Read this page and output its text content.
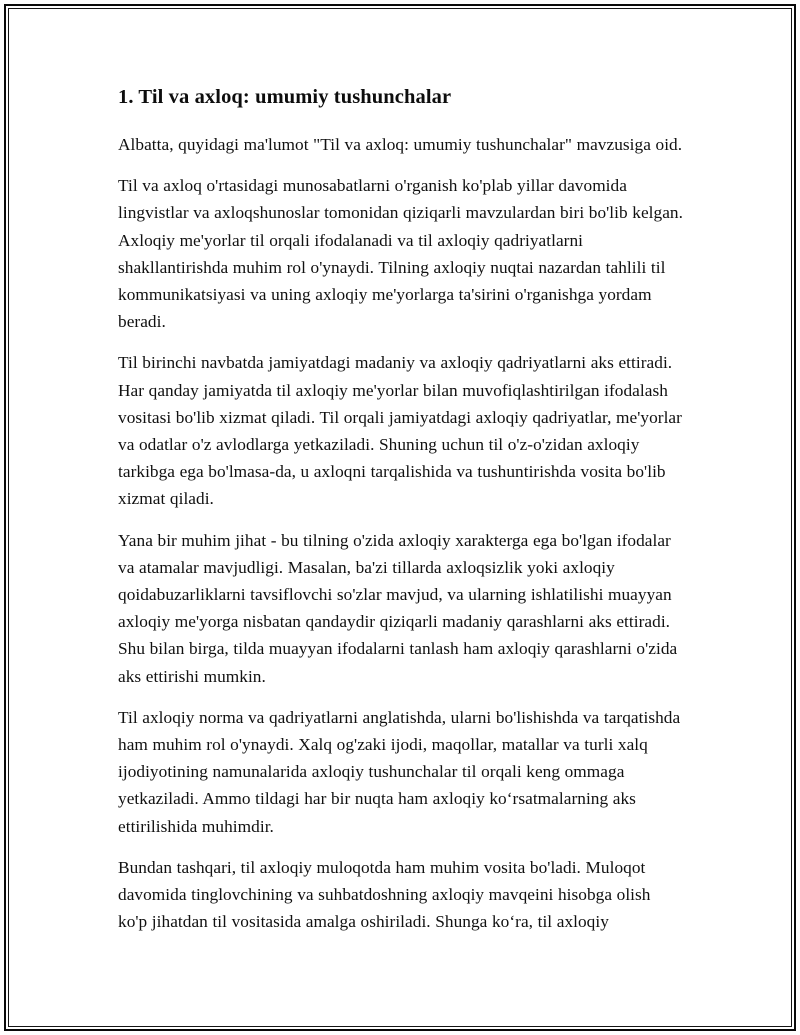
1. Til va axloq: umumiy tushunchalar

Albatta, quyidagi ma'lumot "Til va axloq: umumiy tushunchalar" mavzusiga oid.

Til va axloq o'rtasidagi munosabatlarni o'rganish ko'plab yillar davomida lingvistlar va axloqshunoslar tomonidan qiziqarli mavzulardan biri bo'lib kelgan. Axloqiy me'yorlar til orqali ifodalanadi va til axloqiy qadriyatlarni shakllantirishda muhim rol o'ynaydi. Tilning axloqiy nuqtai nazardan tahlili til kommunikatsiyasi va uning axloqiy me'yorlarga ta'sirini o'rganishga yordam beradi.

Til birinchi navbatda jamiyatdagi madaniy va axloqiy qadriyatlarni aks ettiradi. Har qanday jamiyatda til axloqiy me'yorlar bilan muvofiqlashtirilgan ifodalash vositasi bo'lib xizmat qiladi. Til orqali jamiyatdagi axloqiy qadriyatlar, me'yorlar va odatlar o'z avlodlarga yetkaziladi. Shuning uchun til o'z-o'zidan axloqiy tarkibga ega bo'lmasa-da, u axloqni tarqalishida va tushuntirishda vosita bo'lib xizmat qiladi.

Yana bir muhim jihat - bu tilning o'zida axloqiy xarakterga ega bo'lgan ifodalar va atamalar mavjudligi. Masalan, ba'zi tillarda axloqsizlik yoki axloqiy qoidabuzarliklarni tavsiflovchi so'zlar mavjud, va ularning ishlatilishi muayyan axloqiy me'yorga nisbatan qandaydir qiziqarli madaniy qarashlarni aks ettiradi. Shu bilan birga, tilda muayyan ifodalarni tanlash ham axloqiy qarashlarni o'zida aks ettirishi mumkin.

Til axloqiy norma va qadriyatlarni anglatishda, ularni bo'lishishda va tarqatishda ham muhim rol o'ynaydi. Xalq og'zaki ijodi, maqollar, matallar va turli xalq ijodiyotining namunalarida axloqiy tushunchalar til orqali keng ommaga yetkaziladi. Ammo tildagi har bir nuqta ham axloqiy koʻrsatmalarning aks ettirilishida muhimdir.

Bundan tashqari, til axloqiy muloqotda ham muhim vosita bo'ladi. Muloqot davomida tinglovchining va suhbatdoshning axloqiy mavqeini hisobga olish ko'p jihatdan til vositasida amalga oshiriladi. Shunga koʻra, til axloqiy
